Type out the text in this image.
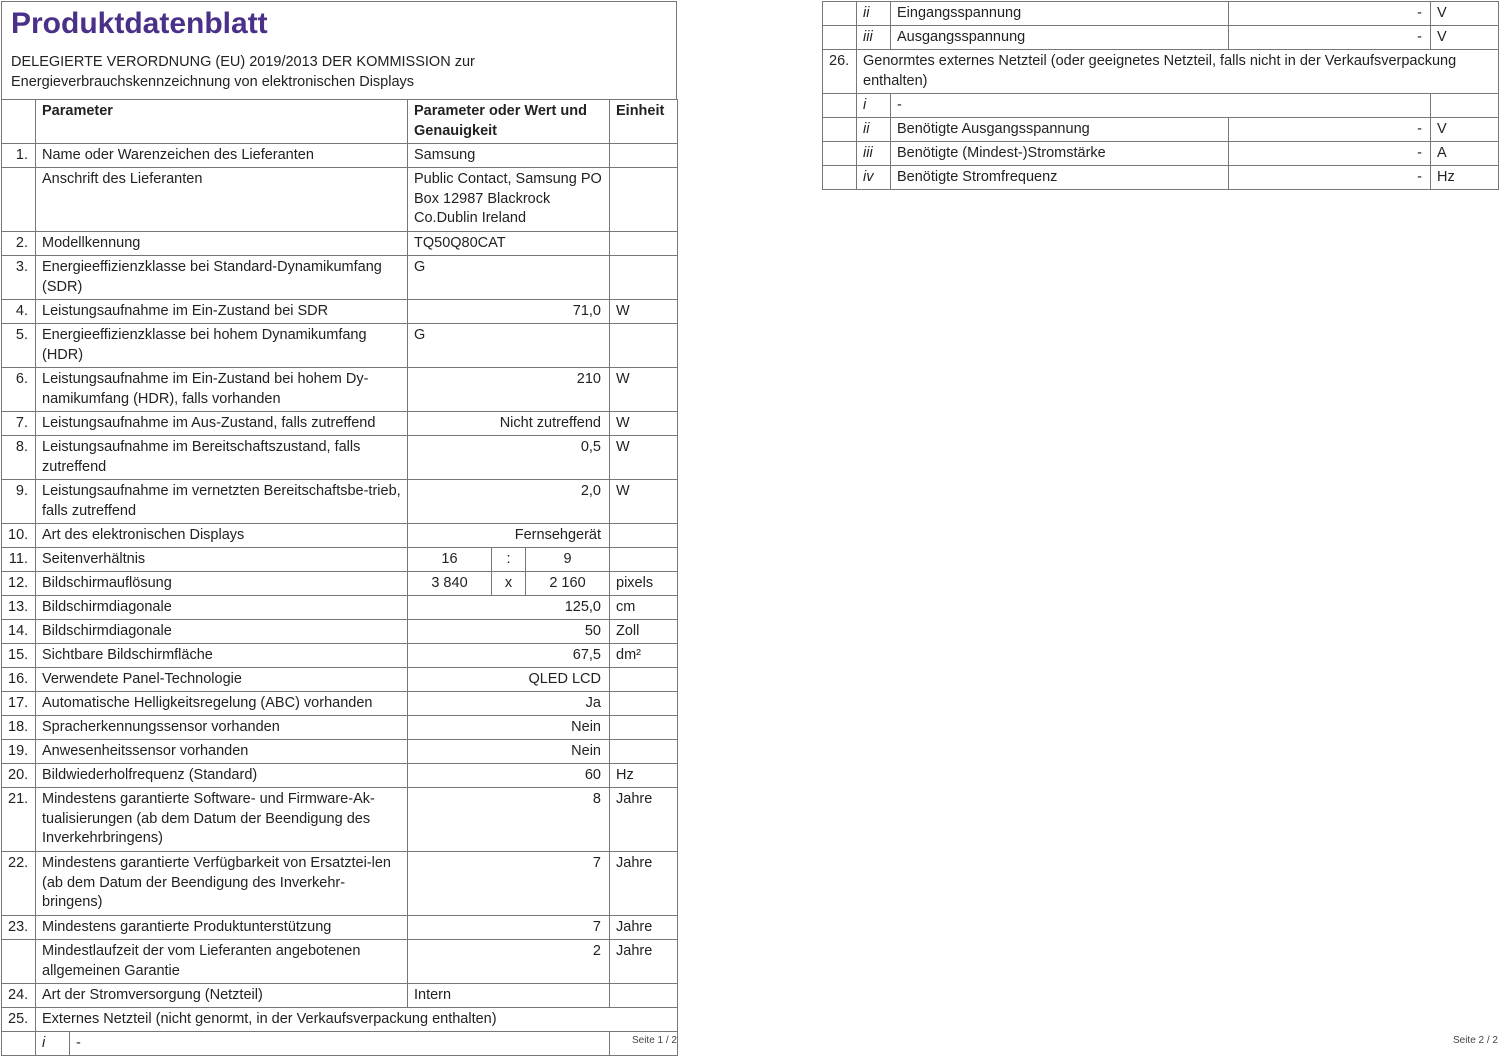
Produktdatenblatt

DELEGIERTE VERORDNUNG (EU) 2019/2013 DER KOMMISSION zur Energieverbrauchskennzeichnung von elektronischen Displays

	Parameter		Parameter oder Wert und Genauigkeit			Einheit
1.	Name oder Warenzeichen des Lieferanten		Samsung			
	Anschrift des Lieferanten		Public Contact, Samsung PO Box 12987 Blackrock Co.Dublin Ireland			
2.	Modellkennung		TQ50Q80CAT			
3.	Energieeffizienzklasse bei Standard-Dynamikumfang (SDR)		G			
4.	Leistungsaufnahme im Ein-Zustand bei SDR		71,0			W
5.	Energieeffizienzklasse bei hohem Dynamikumfang (HDR)		G			
6.	Leistungsaufnahme im Ein-Zustand bei hohem Dy-namikumfang (HDR), falls vorhanden		210			W
7.	Leistungsaufnahme im Aus-Zustand, falls zutreffend		Nicht zutreffend			W
8.	Leistungsaufnahme im Bereitschaftszustand, falls zutreffend		0,5			W
9.	Leistungsaufnahme im vernetzten Bereitschaftsbe-trieb, falls zutreffend		2,0			W
10.	Art des elektronischen Displays		Fernsehgerät			
11.	Seitenverhältnis		16	:	9	
12.	Bildschirmauflösung		3 840	x	2 160	pixels
13.	Bildschirmdiagonale		125,0			cm
14.	Bildschirmdiagonale		50			Zoll
15.	Sichtbare Bildschirmfläche		67,5			dm²
16.	Verwendete Panel-Technologie		QLED LCD			
17.	Automatische Helligkeitsregelung (ABC) vorhanden		Ja			
18.	Spracherkennungssensor vorhanden		Nein			
19.	Anwesenheitssensor vorhanden		Nein			
20.	Bildwiederholfrequenz (Standard)		60			Hz
21.	Mindestens garantierte Software- und Firmware-Ak-tualisierungen (ab dem Datum der Beendigung des Inverkehrbringens)		8			Jahre
22.	Mindestens garantierte Verfügbarkeit von Ersatztei-len (ab dem Datum der Beendigung des Inverkehr-bringens)		7			Jahre
23.	Mindestens garantierte Produktunterstützung		7			Jahre
	Mindestlaufzeit der vom Lieferanten angebotenen allgemeinen Garantie		2			Jahre
24.	Art der Stromversorgung (Netzteil)		Intern			
25.	Externes Netzteil (nicht genormt, in der Verkaufsverpackung enthalten)					
	i	-					Seite 1 / 2
	ii	Eingangsspannung	-	V
	iii	Ausgangsspannung	-	V
26.	Genormtes externes Netzteil (oder geeignetes Netzteil, falls nicht in der Verkaufsverpackung enthalten)			
	i	-		
	ii	Benötigte Ausgangsspannung	-	V
	iii	Benötigte (Mindest-)Stromstärke	-	A
	iv	Benötigte Stromfrequenz	-	Hz
Seite 2 / 2
